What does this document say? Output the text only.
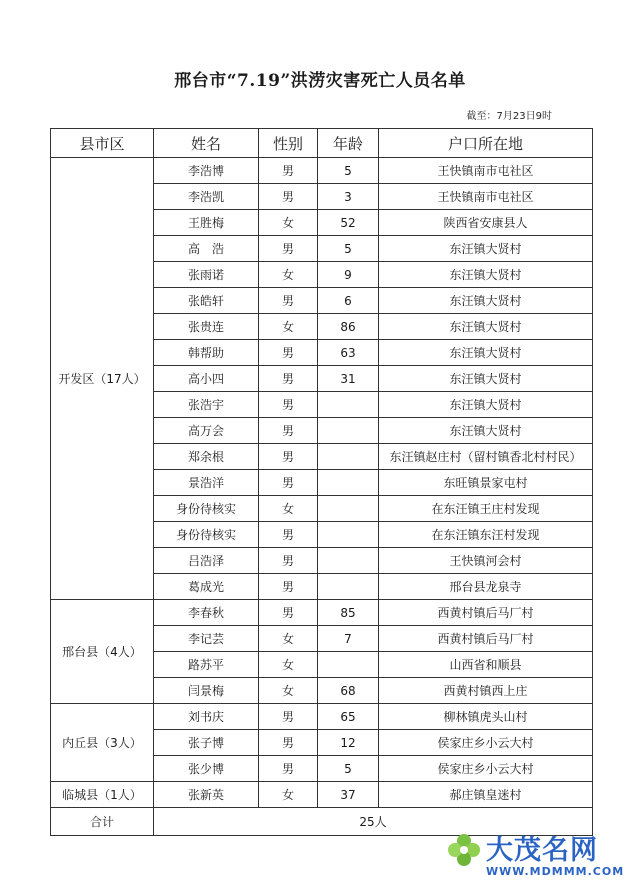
邢台市“7.19”洪涝灾害死亡人员名单
截至：7月23日9时
县市区	姓名	性别	年龄	户口所在地
开发区（17人）	李浩博	男	5	王快镇南市屯社区
	李浩凯	男	3	王快镇南市屯社区
	王胜梅	女	52	陕西省安康县人
	高　浩	男	5	东汪镇大贤村
	张雨诺	女	9	东汪镇大贤村
	张皓轩	男	6	东汪镇大贤村
	张贵连	女	86	东汪镇大贤村
	韩帮助	男	63	东汪镇大贤村
	高小四	男	31	东汪镇大贤村
	张浩宇	男		东汪镇大贤村
	高万会	男		东汪镇大贤村
	郑余根	男		东汪镇赵庄村（留村镇香北村村民）
	景浩洋	男		东旺镇景家屯村
	身份待核实	女		在东汪镇王庄村发现
	身份待核实	男		在东汪镇东汪村发现
	吕浩泽	男		王快镇河会村
	葛成光	男		邢台县龙泉寺
邢台县（4人）	李春秋	男	85	西黄村镇后马厂村
	李记芸	女	7	西黄村镇后马厂村
	路苏平	女		山西省和顺县
	闫景梅	女	68	西黄村镇西上庄
内丘县（3人）	刘书庆	男	65	柳林镇虎头山村
	张子博	男	12	侯家庄乡小云大村
	张少博	男	5	侯家庄乡小云大村
临城县（1人）	张新英	女	37	郝庄镇皇迷村
合计	25人			
大茂名网
WWW.MDMMM.COM
